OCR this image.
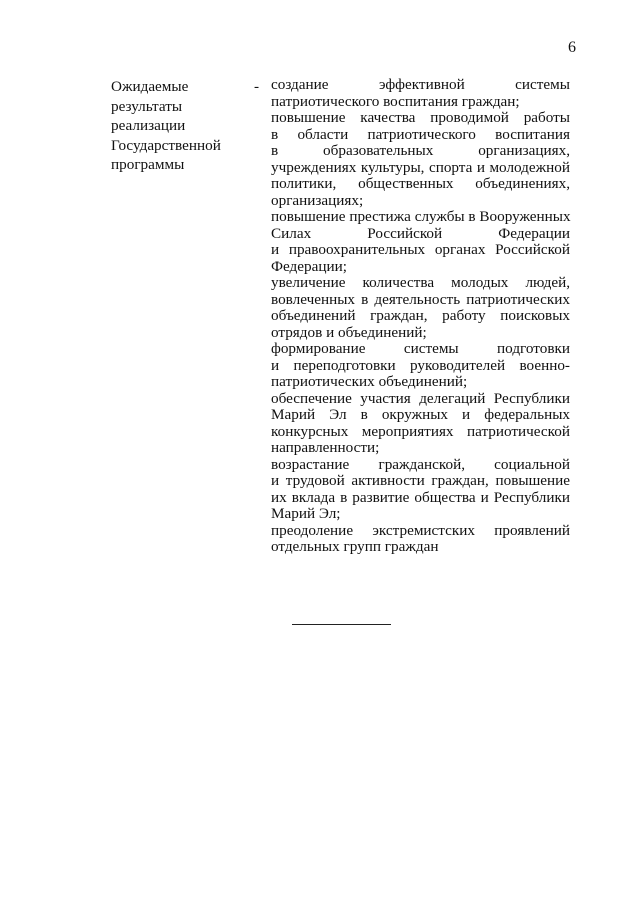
6
Ожидаемые
результаты
реализации
Государственной
программы
- создание эффективной системы
патриотического воспитания граждан;
повышение качества проводимой работы
в области патриотического воспитания
в образовательных организациях,
учреждениях культуры, спорта и молодежной
политики, общественных объединениях,
организациях;
повышение престижа службы в Вооруженных
Силах Российской Федерации
и правоохранительных органах Российской
Федерации;
увеличение количества молодых людей,
вовлеченных в деятельность патриотических
объединений граждан, работу поисковых
отрядов и объединений;
формирование системы подготовки
и переподготовки руководителей военно-
патриотических объединений;
обеспечение участия делегаций Республики
Марий Эл в окружных и федеральных
конкурсных мероприятиях патриотической
направленности;
возрастание гражданской, социальной
и трудовой активности граждан, повышение
их вклада в развитие общества и Республики
Марий Эл;
преодоление экстремистских проявлений
отдельных групп граждан
